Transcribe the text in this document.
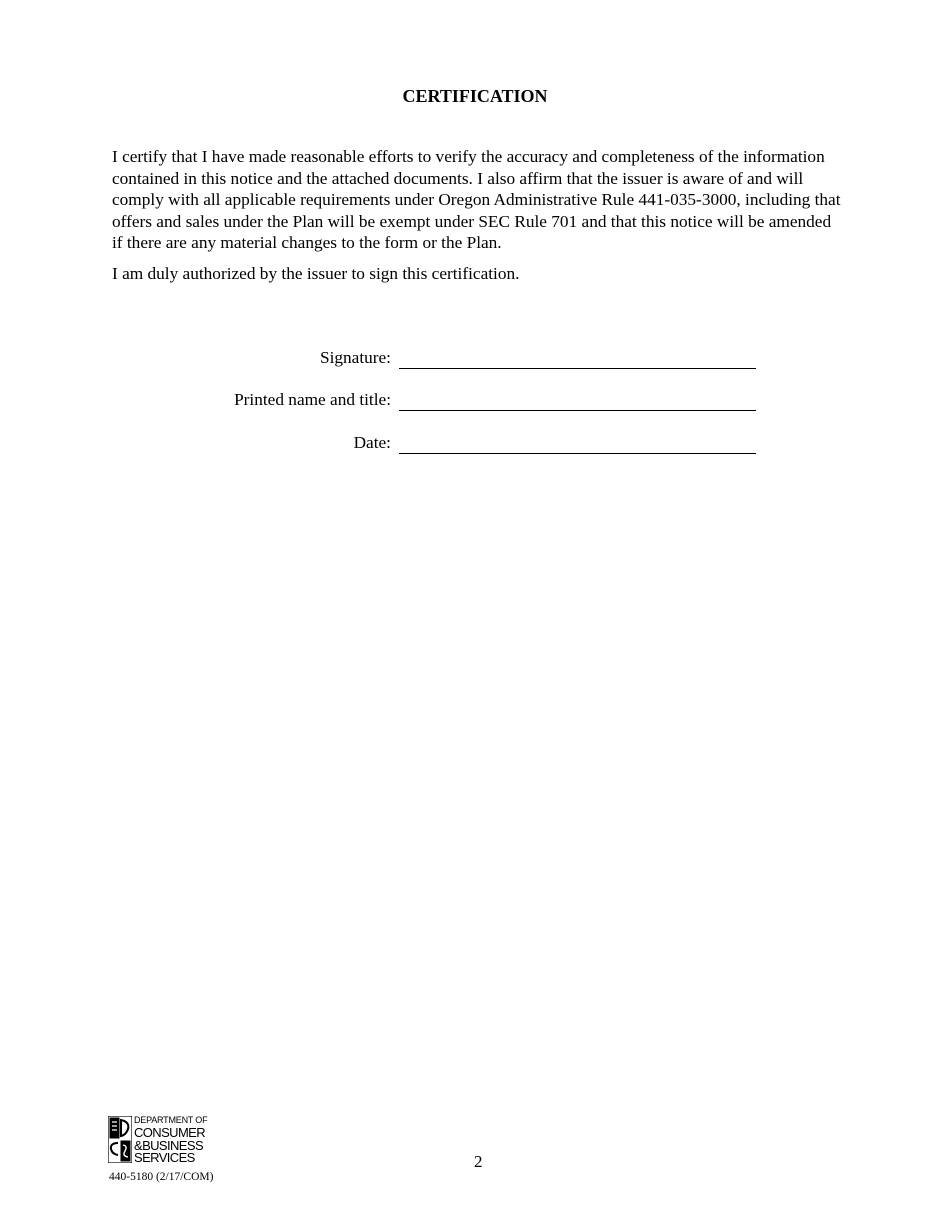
CERTIFICATION

I certify that I have made reasonable efforts to verify the accuracy and completeness of the information contained in this notice and the attached documents. I also affirm that the issuer is aware of and will comply with all applicable requirements under Oregon Administrative Rule 441-035-3000, including that offers and sales under the Plan will be exempt under SEC Rule 701 and that this notice will be amended if there are any material changes to the form or the Plan.

I am duly authorized by the issuer to sign this certification.

Signature:
Printed name and title:
Date:
DEPARTMENT OF
CONSUMER
&BUSINESS
SERVICES
440-5180 (2/17/COM)
2
